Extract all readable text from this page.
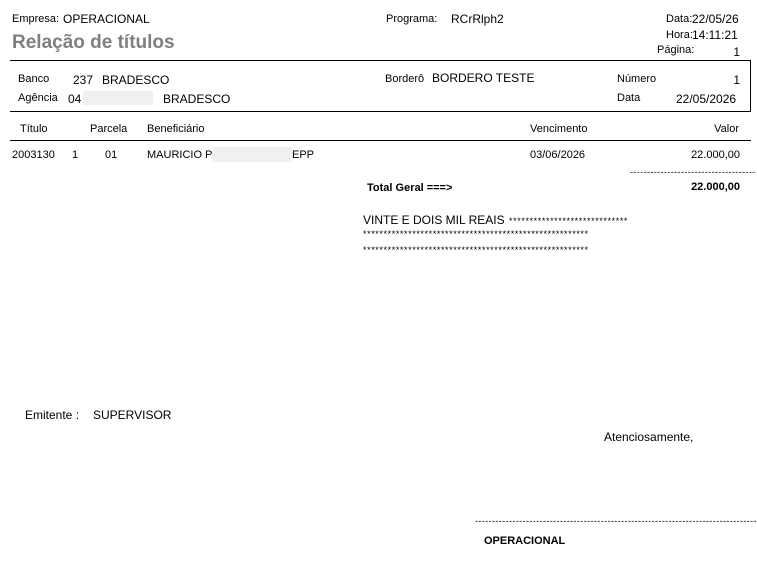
Empresa: OPERACIONAL
Relação de títulos
Programa: RCrRlph2	Data: 22/05/26
Hora: 14:11:21
Página:	1
Banco 237 BRADESCO
Agência 04	BRADESCO
Borderô BORDERO TESTE	Número	1
Data	22/05/2026
Título	Parcela Beneficiário	Vencimento	Valor
2003130 1 01	MAURICIO P	EPP	03/06/2026	22.000,00
-------------------------------------
Total Geral ===>	22.000,00
VINTE E DOIS MIL REAIS *****************************
*******************************************************
*******************************************************
Emitente : SUPERVISOR
Atenciosamente,
-----------------------------------------------------------------------------------
OPERACIONAL
